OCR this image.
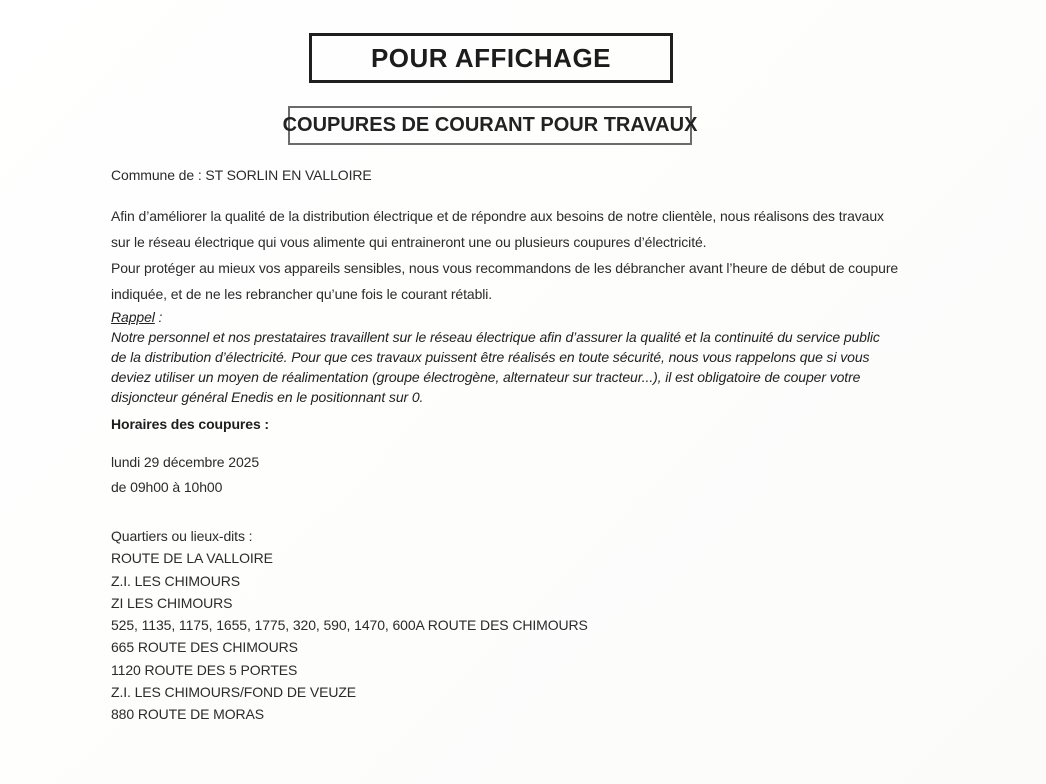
POUR AFFICHAGE
COUPURES DE COURANT POUR TRAVAUX
Commune de : ST SORLIN EN VALLOIRE
Afin d’améliorer la qualité de la distribution électrique et de répondre aux besoins de notre clientèle, nous réalisons des travaux
sur le réseau électrique qui vous alimente qui entraineront une ou plusieurs coupures d’électricité.
Pour protéger au mieux vos appareils sensibles, nous vous recommandons de les débrancher avant l’heure de début de coupure
indiquée, et de ne les rebrancher qu’une fois le courant rétabli.
Rappel :
Notre personnel et nos prestataires travaillent sur le réseau électrique afin d’assurer la qualité et la continuité du service public
de la distribution d’électricité. Pour que ces travaux puissent être réalisés en toute sécurité, nous vous rappelons que si vous
deviez utiliser un moyen de réalimentation (groupe électrogène, alternateur sur tracteur...), il est obligatoire de couper votre
disjoncteur général Enedis en le positionnant sur 0.
Horaires des coupures :
lundi 29 décembre 2025
de 09h00 à 10h00
Quartiers ou lieux-dits :
ROUTE DE LA VALLOIRE
Z.I. LES CHIMOURS
ZI LES CHIMOURS
525, 1135, 1175, 1655, 1775, 320, 590, 1470, 600A ROUTE DES CHIMOURS
665 ROUTE DES CHIMOURS
1120 ROUTE DES 5 PORTES
Z.I. LES CHIMOURS/FOND DE VEUZE
880 ROUTE DE MORAS
